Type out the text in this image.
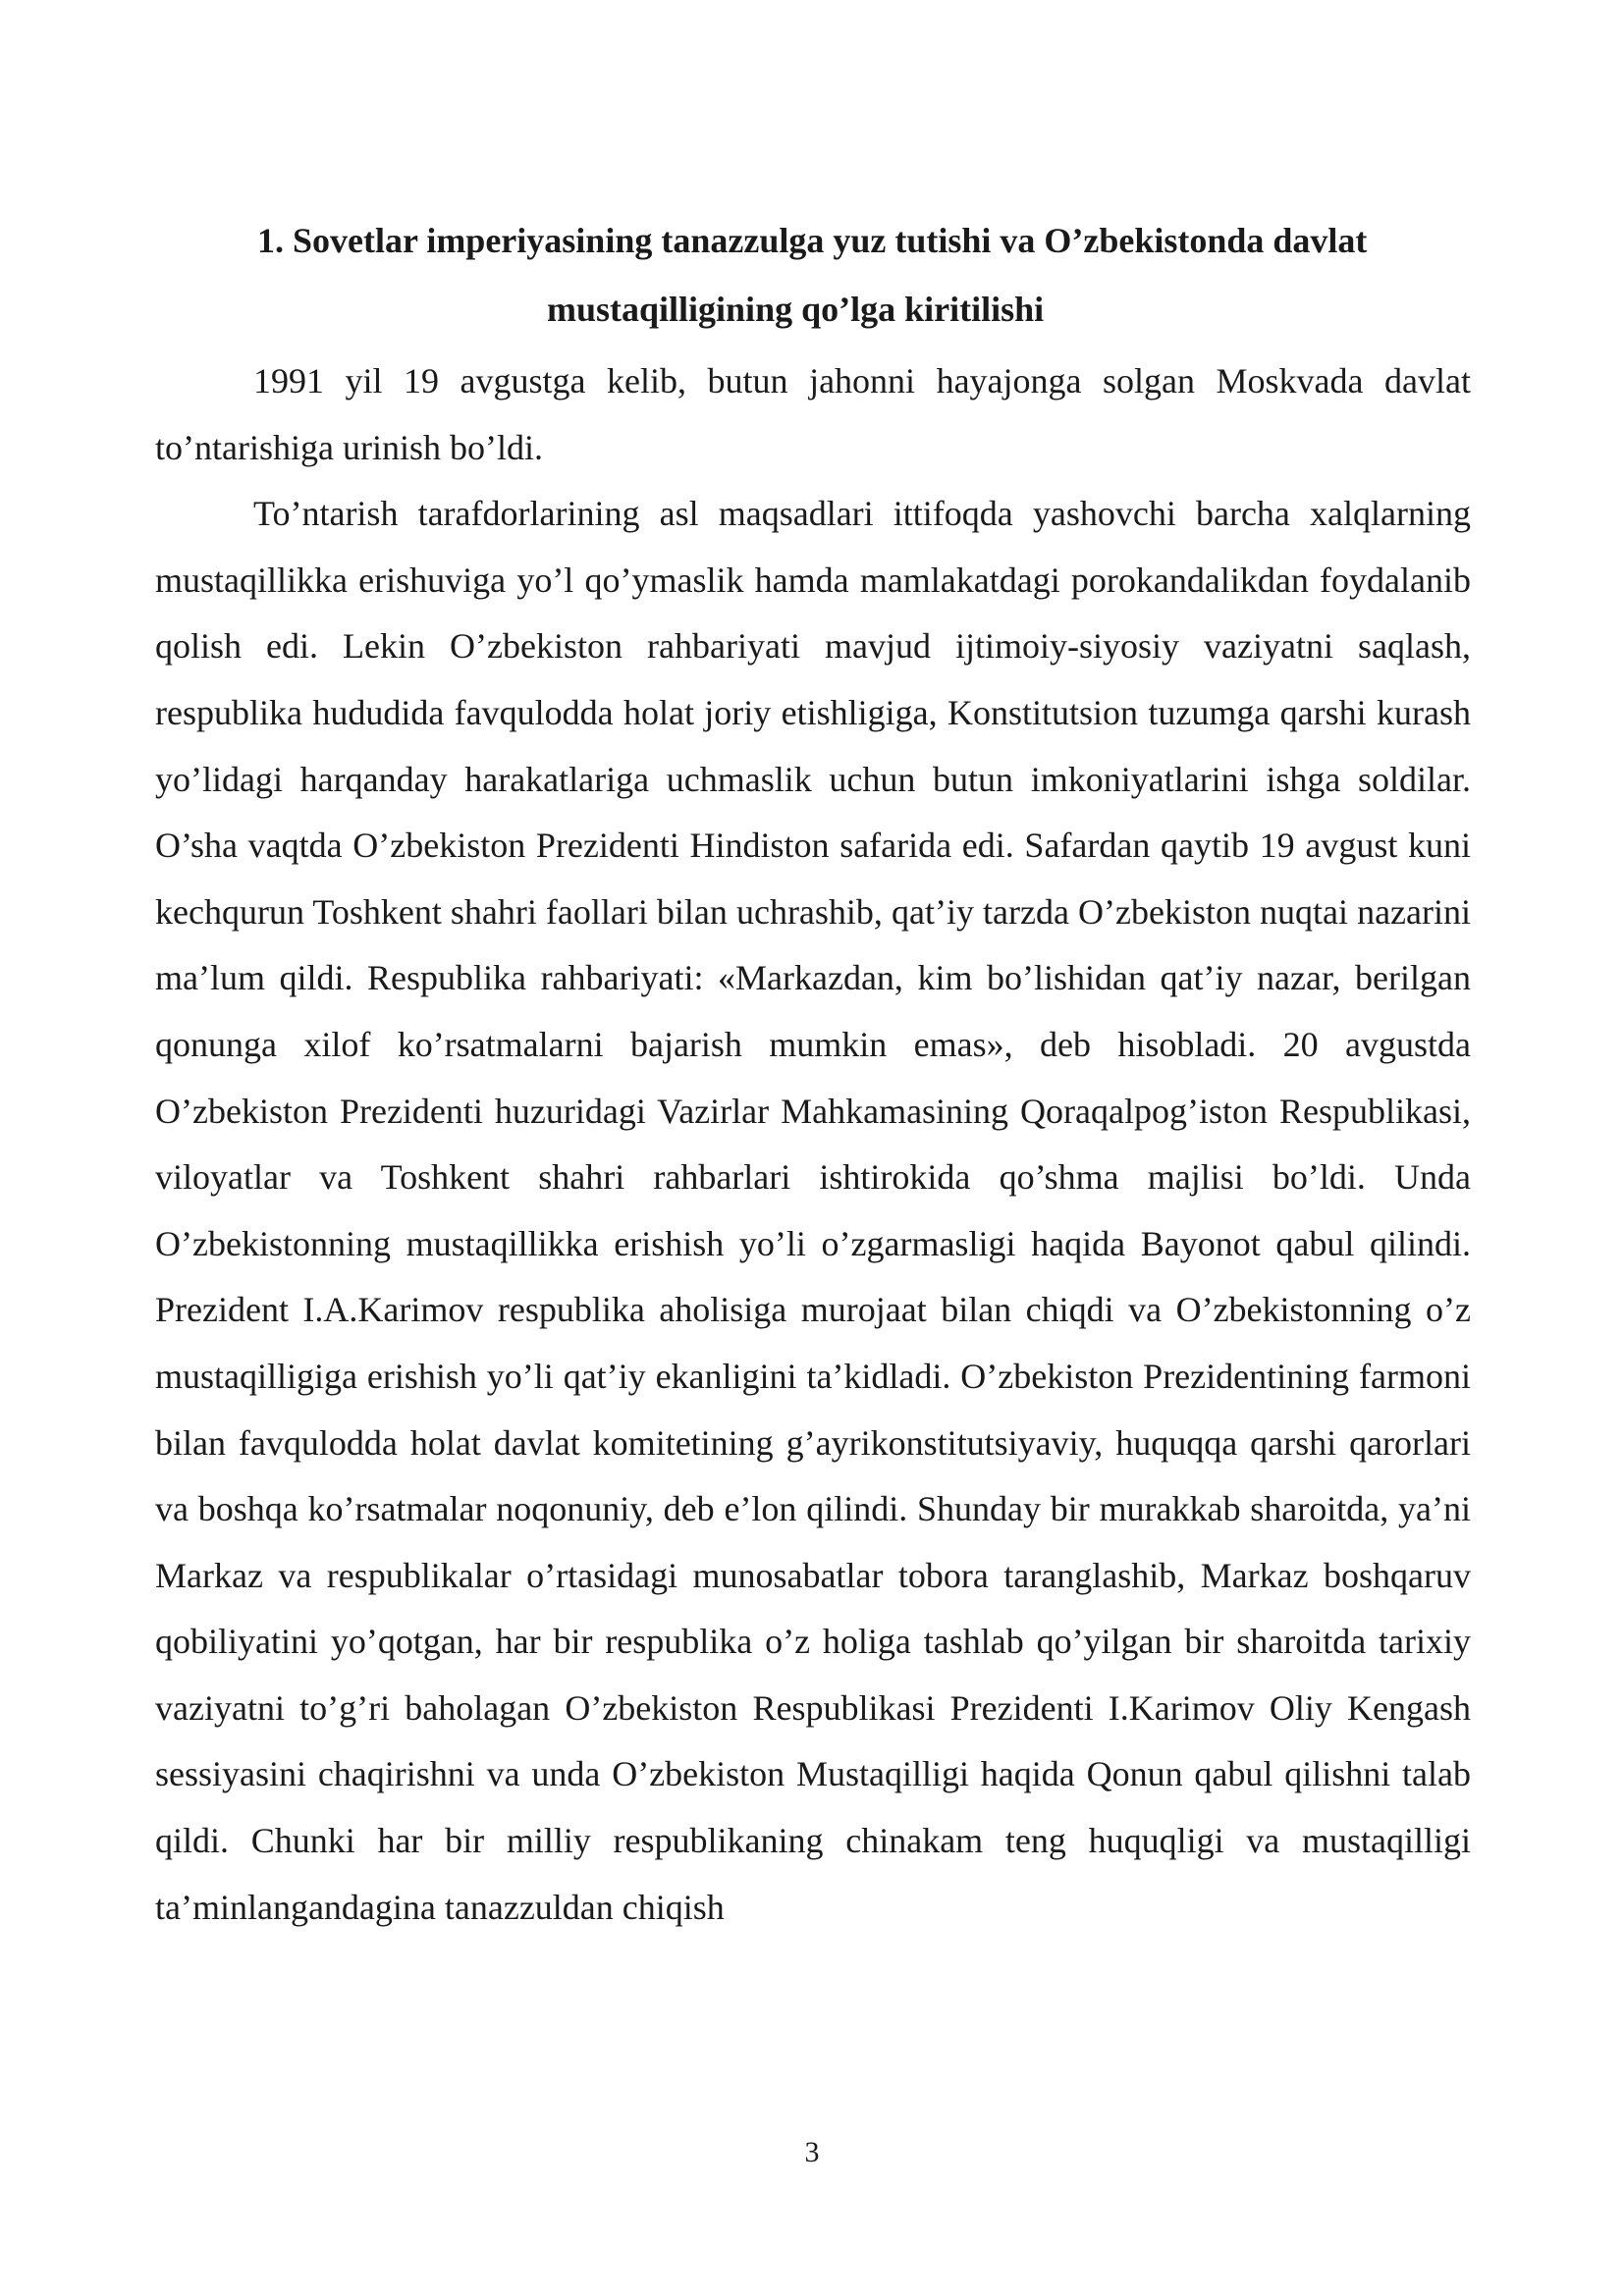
1. Sovetlar imperiyasining tanazzulga yuz tutishi va O’zbekistonda davlat
mustaqilligining qo’lga kiritilishi

1991 yil 19 avgustga kelib, butun jahonni hayajonga solgan Moskvada davlat to’ntarishiga urinish bo’ldi.

To’ntarish tarafdorlarining asl maqsadlari ittifoqda yashovchi barcha xalqlarning mustaqillikka erishuviga yo’l qo’ymaslik hamda mamlakatdagi porokandalikdan foydalanib qolish edi. Lekin O’zbekiston rahbariyati mavjud ijtimoiy-siyosiy vaziyatni saqlash, respublika hududida favqulodda holat joriy etishligiga, Konstitutsion tuzumga qarshi kurash yo’lidagi harqanday harakatlariga uchmaslik uchun butun imkoniyatlarini ishga soldilar. O’sha vaqtda O’zbekiston Prezidenti Hindiston safarida edi. Safardan qaytib 19 avgust kuni kechqurun Toshkent shahri faollari bilan uchrashib, qat’iy tarzda O’zbekiston nuqtai nazarini ma’lum qildi. Respublika rahbariyati: «Markazdan, kim bo’lishidan qat’iy nazar, berilgan qonunga xilof ko’rsatmalarni bajarish mumkin emas», deb hisobladi. 20 avgustda O’zbekiston Prezidenti huzuridagi Vazirlar Mahkamasining Qoraqalpog’iston Respublikasi, viloyatlar va Toshkent shahri rahbarlari ishtirokida qo’shma majlisi bo’ldi. Unda O’zbekistonning mustaqillikka erishish yo’li o’zgarmasligi haqida Bayonot qabul qilindi. Prezident I.A.Karimov respublika aholisiga murojaat bilan chiqdi va O’zbekistonning o’z mustaqilligiga erishish yo’li qat’iy ekanligini ta’kidladi. O’zbekiston Prezidentining farmoni bilan favqulodda holat davlat komitetining g’ayrikonstitutsiyaviy, huquqqa qarshi qarorlari va boshqa ko’rsatmalar noqonuniy, deb e’lon qilindi. Shunday bir murakkab sharoitda, ya’ni Markaz va respublikalar o’rtasidagi munosabatlar tobora taranglashib, Markaz boshqaruv qobiliyatini yo’qotgan, har bir respublika o’z holiga tashlab qo’yilgan bir sharoitda tarixiy vaziyatni to’g’ri baholagan O’zbekiston Respublikasi Prezidenti I.Karimov Oliy Kengash sessiyasini chaqirishni va unda O’zbekiston Mustaqilligi haqida Qonun qabul qilishni talab qildi. Chunki har bir milliy respublikaning chinakam teng huquqligi va mustaqilligi ta’minlangandagina tanazzuldan chiqish

3
